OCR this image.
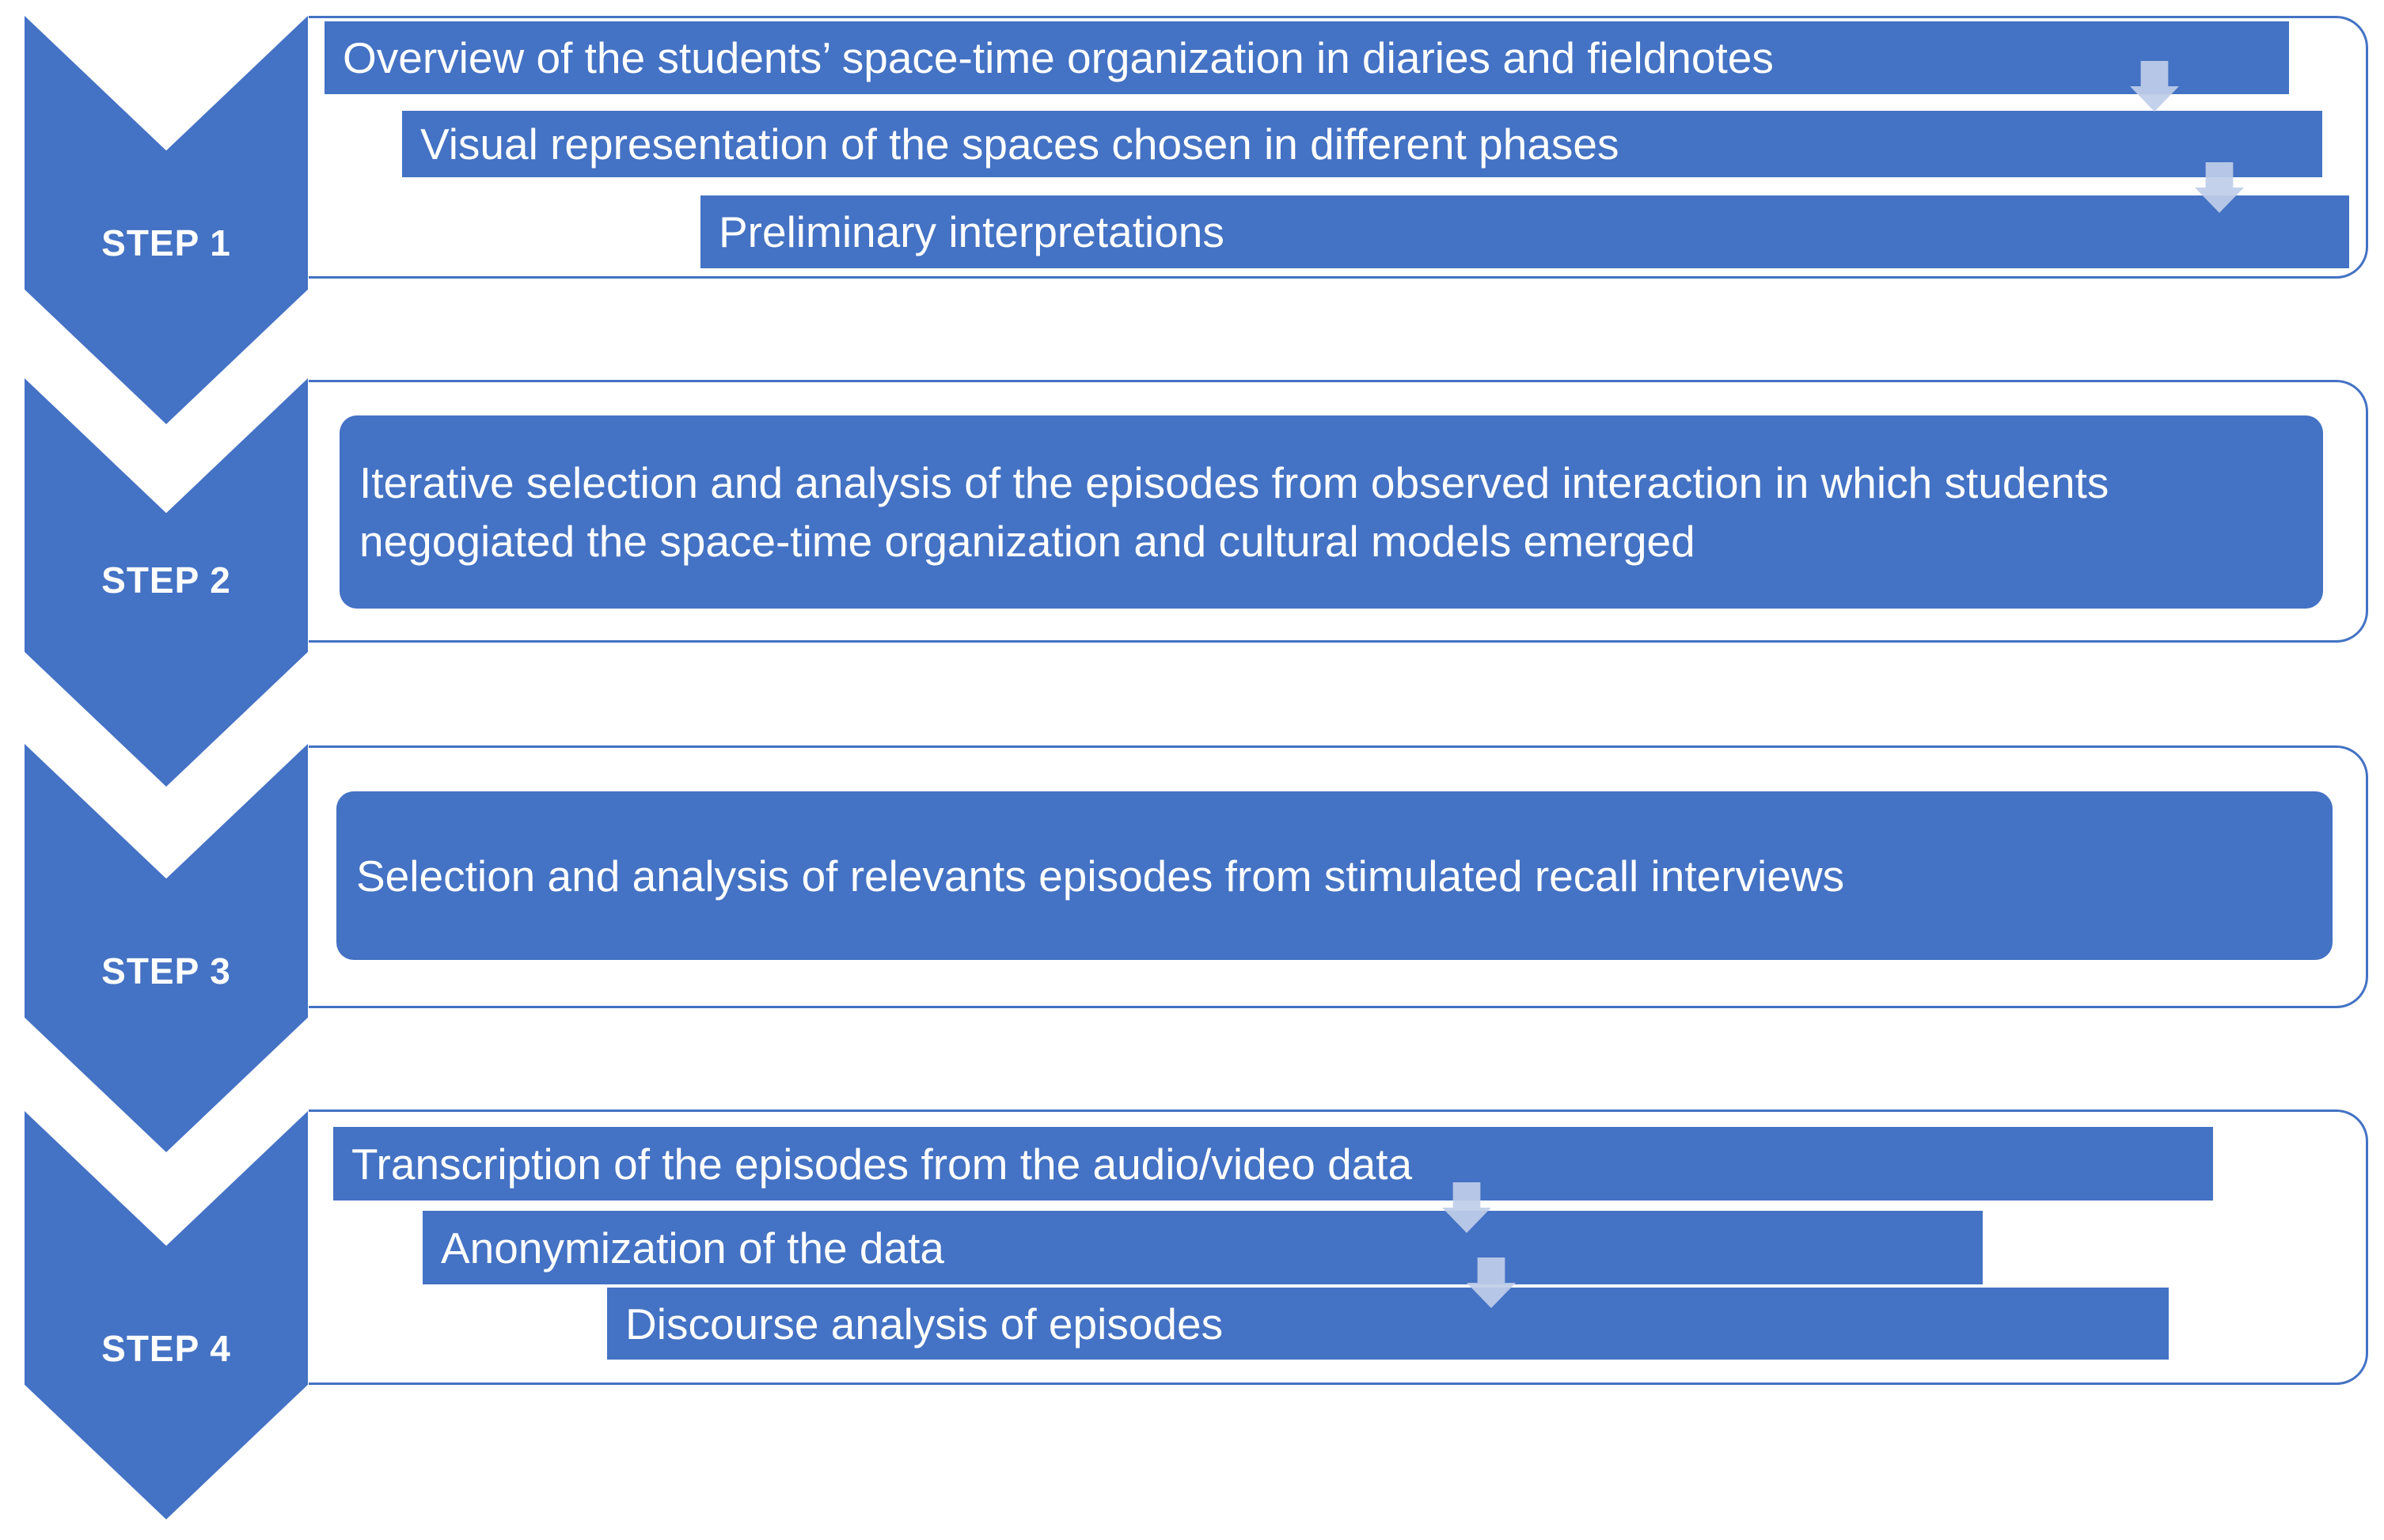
STEP 1
Overview of the students’ space-time organization in diaries and fieldnotes
Visual representation of the spaces chosen in different phases
Preliminary interpretations
STEP 2
Iterative selection and analysis of the episodes from observed interaction in which students negogiated the space-time organization and cultural models emerged
STEP 3
Selection and analysis of relevants episodes from stimulated recall interviews
STEP 4
Transcription of the episodes from the audio/video data
Anonymization of the data
Discourse analysis of episodes
